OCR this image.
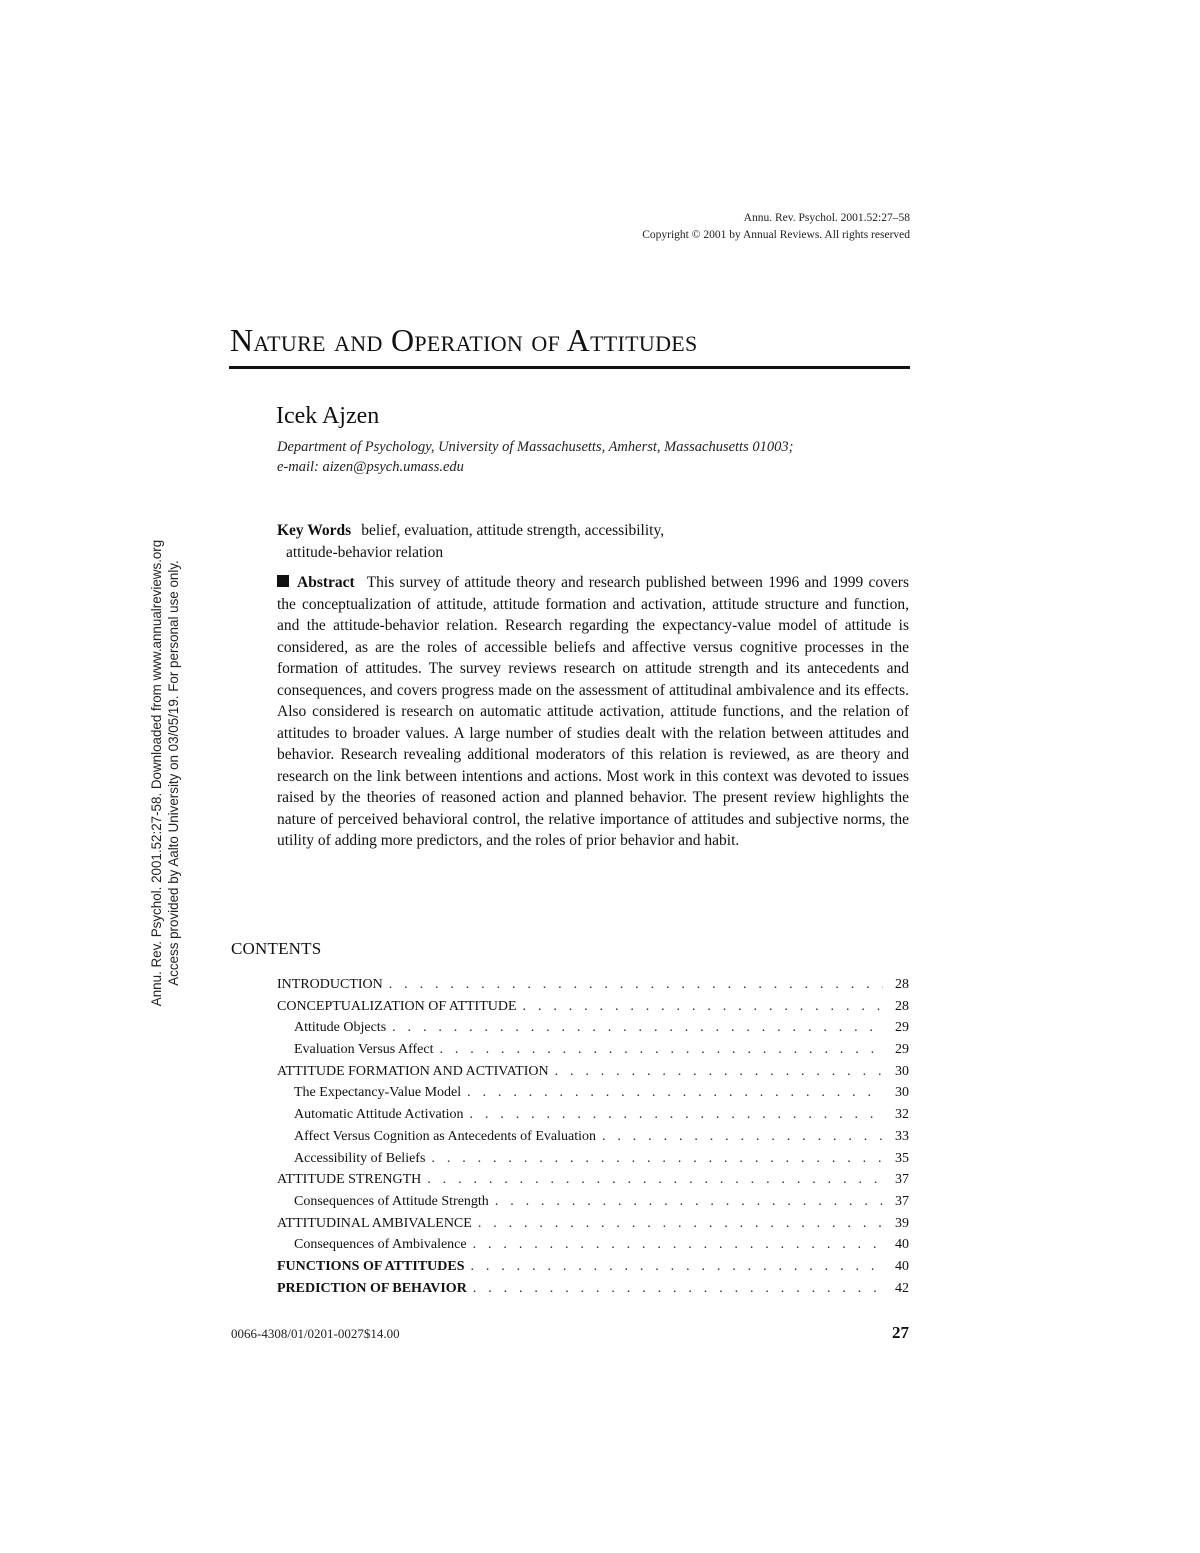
Annu. Rev. Psychol. 2001.52:27–58
Copyright © 2001 by Annual Reviews. All rights reserved
Nature and Operation of Attitudes
Icek Ajzen
Department of Psychology, University of Massachusetts, Amherst, Massachusetts 01003;
e-mail: aizen@psych.umass.edu
Key Words belief, evaluation, attitude strength, accessibility,
attitude-behavior relation
Abstract This survey of attitude theory and research published between 1996 and 1999 covers the conceptualization of attitude, attitude formation and activation, attitude structure and function, and the attitude-behavior relation. Research regarding the expectancy-value model of attitude is considered, as are the roles of accessible beliefs and affective versus cognitive processes in the formation of attitudes. The survey reviews research on attitude strength and its antecedents and consequences, and covers progress made on the assessment of attitudinal ambivalence and its effects. Also considered is research on automatic attitude activation, attitude functions, and the relation of attitudes to broader values. A large number of studies dealt with the relation between attitudes and behavior. Research revealing additional moderators of this relation is reviewed, as are theory and research on the link between intentions and actions. Most work in this context was devoted to issues raised by the theories of reasoned action and planned behavior. The present review highlights the nature of perceived behavioral control, the relative importance of attitudes and subjective norms, the utility of adding more predictors, and the roles of prior behavior and habit.
CONTENTS
INTRODUCTION . . .	28
CONCEPTUALIZATION OF ATTITUDE . . .	28
Attitude Objects . . .	29
Evaluation Versus Affect . . .	29
ATTITUDE FORMATION AND ACTIVATION . . .	30
The Expectancy-Value Model . . .	30
Automatic Attitude Activation . . .	32
Affect Versus Cognition as Antecedents of Evaluation . . .	33
Accessibility of Beliefs . . .	35
ATTITUDE STRENGTH . . .	37
Consequences of Attitude Strength . . .	37
ATTITUDINAL AMBIVALENCE . . .	39
Consequences of Ambivalence . . .	40
FUNCTIONS OF ATTITUDES . . .	40
PREDICTION OF BEHAVIOR . . .	42
0066-4308/01/0201-0027$14.00	27
Annu. Rev. Psychol. 2001.52:27-58. Downloaded from www.annualreviews.org Access provided by Aalto University on 03/05/19. For personal use only.
